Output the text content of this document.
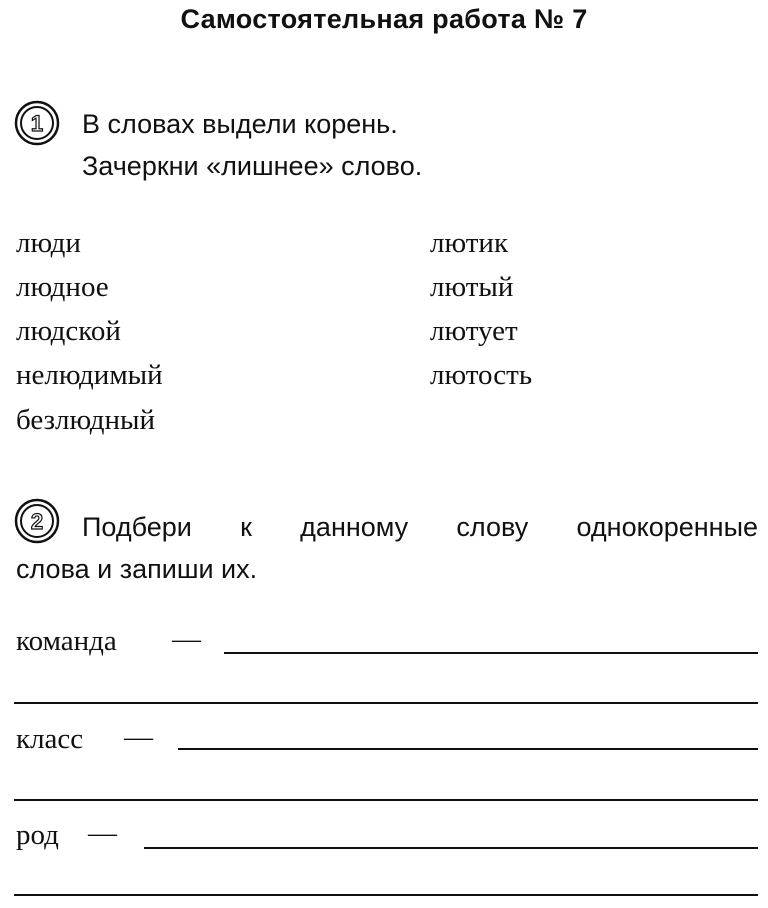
Самостоятельная работа № 7
1 В словах выдели корень.
Зачеркни «лишнее» слово.
люди
людное
людской
нелюдимый
безлюдный
лютик
лютый
лютует
лютость
2 Подбери к данному слову однокоренные
слова и запиши их.
команда —
класс —
род —
